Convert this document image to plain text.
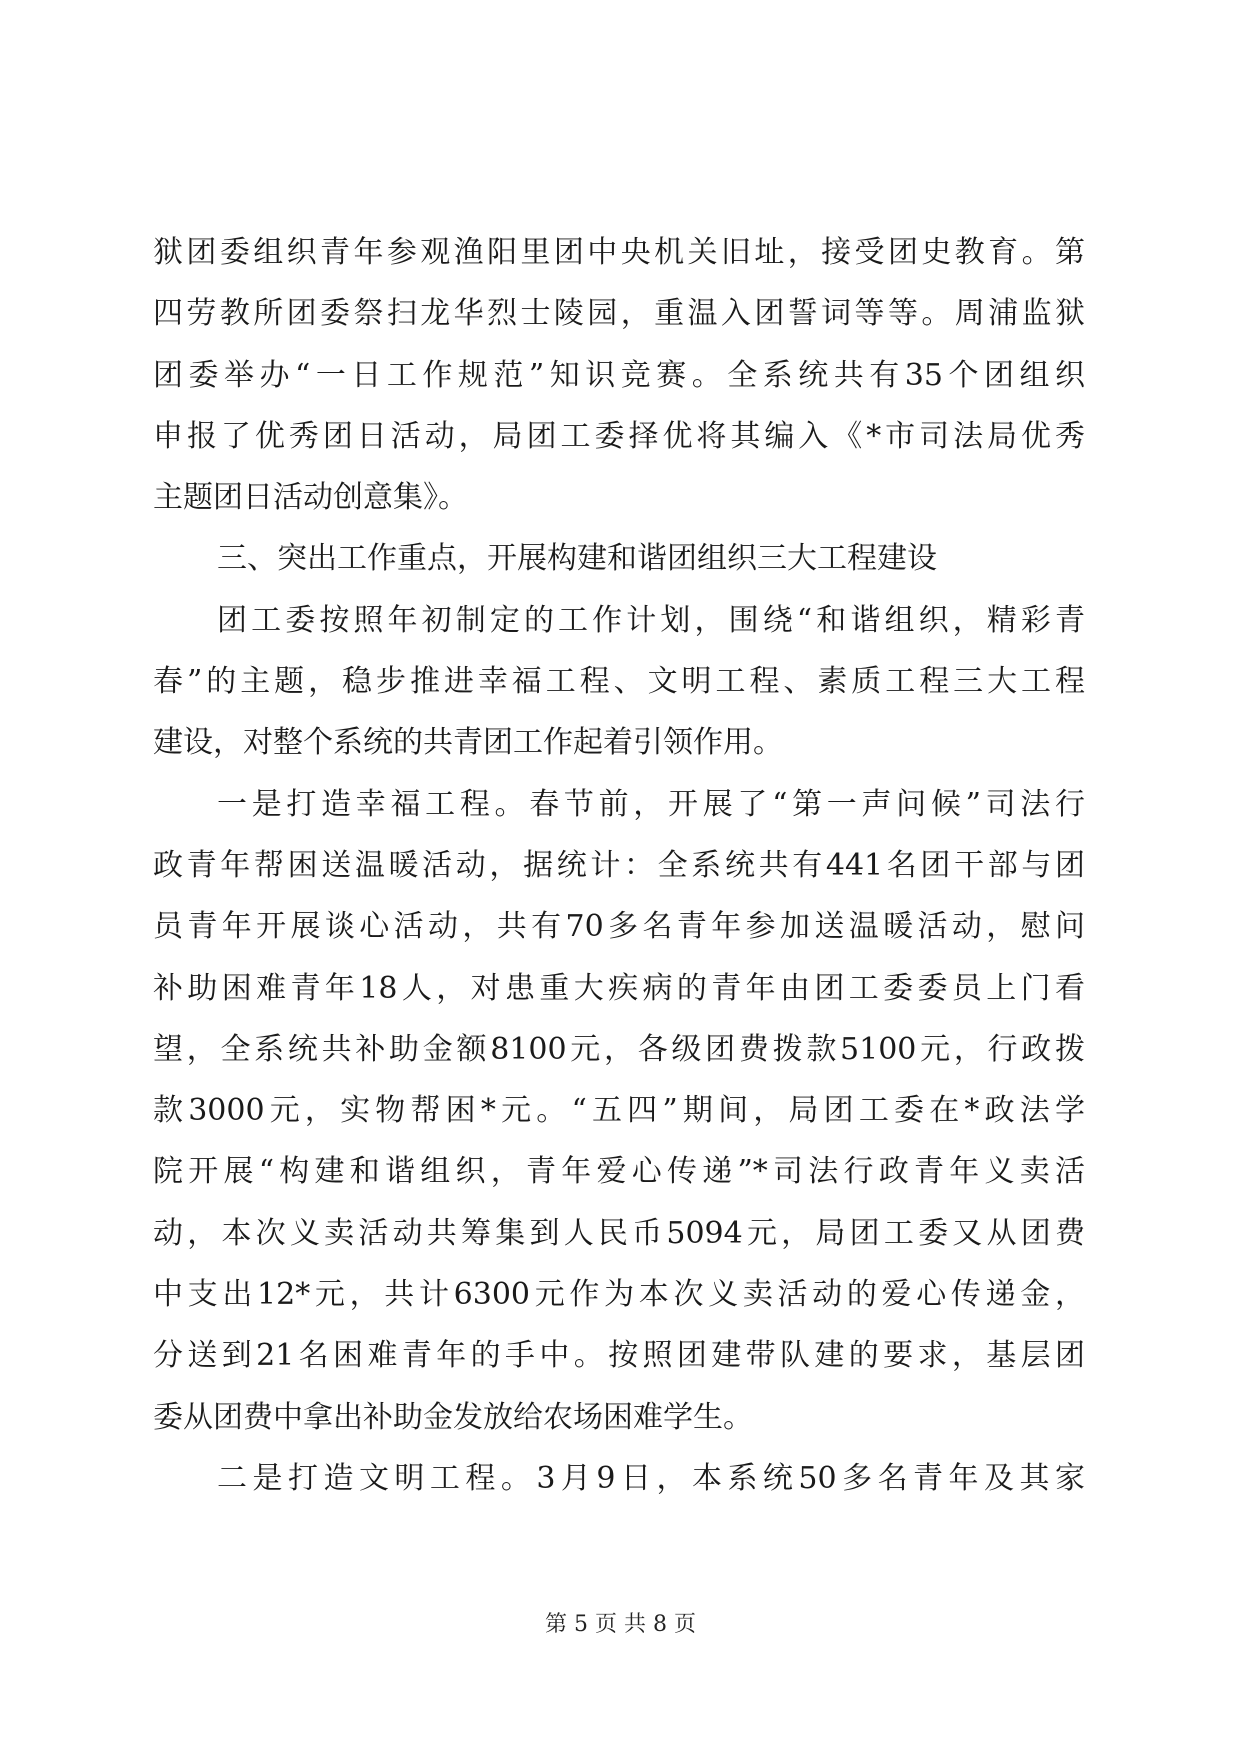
狱团委组织青年参观渔阳里团中央机关旧址，接受团史教育。第
四劳教所团委祭扫龙华烈士陵园，重温入团誓词等等。周浦监狱
团委举办“一日工作规范”知识竞赛。全系统共有35个团组织
申报了优秀团日活动，局团工委择优将其编入《*市司法局优秀
主题团日活动创意集》。
三、突出工作重点，开展构建和谐团组织三大工程建设
团工委按照年初制定的工作计划，围绕“和谐组织，精彩青
春”的主题，稳步推进幸福工程、文明工程、素质工程三大工程
建设，对整个系统的共青团工作起着引领作用。
一是打造幸福工程。春节前，开展了“第一声问候”司法行
政青年帮困送温暖活动，据统计：全系统共有441名团干部与团
员青年开展谈心活动，共有70多名青年参加送温暖活动，慰问
补助困难青年18人，对患重大疾病的青年由团工委委员上门看
望，全系统共补助金额8100元，各级团费拨款5100元，行政拨
款3000元，实物帮困*元。“五四”期间，局团工委在*政法学
院开展“构建和谐组织，青年爱心传递”*司法行政青年义卖活
动，本次义卖活动共筹集到人民币5094元，局团工委又从团费
中支出12*元，共计6300元作为本次义卖活动的爱心传递金，
分送到21名困难青年的手中。按照团建带队建的要求，基层团
委从团费中拿出补助金发放给农场困难学生。
二是打造文明工程。3月9日，本系统50多名青年及其家
第 5 页 共 8 页
